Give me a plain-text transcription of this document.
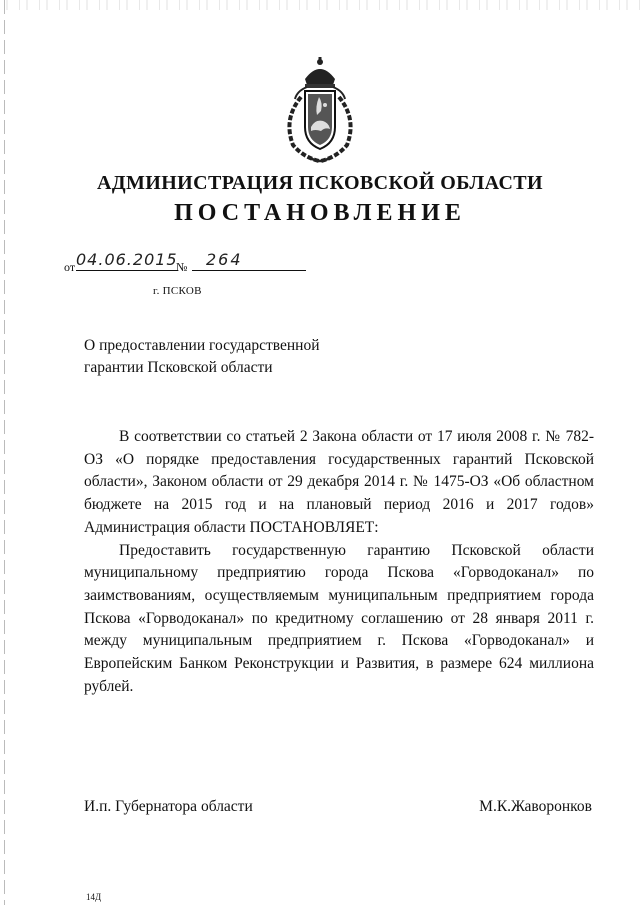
АДМИНИСТРАЦИЯ ПСКОВСКОЙ ОБЛАСТИ
ПОСТАНОВЛЕНИЕ
от 04.06.2015
№	264
г. ПСКОВ
О предоставлении государственной
гарантии Псковской области

В соответствии со статьей 2 Закона области от 17 июля 2008 г. № 782-ОЗ «О порядке предоставления государственных гарантий Псковской области», Законом области от 29 декабря 2014 г. № 1475-ОЗ «Об областном бюджете на 2015 год и на плановый период 2016 и 2017 годов» Администрация области ПОСТАНОВЛЯЕТ:

Предоставить государственную гарантию Псковской области муниципальному предприятию города Пскова «Горводоканал» по заимствованиям, осуществляемым муниципальным предприятием города Пскова «Горводоканал» по кредитному соглашению от 28 января 2011 г. между муниципальным предприятием г. Пскова «Горводоканал» и Европейским Банком Реконструкции и Развития, в размере 624 миллиона рублей.

И.п. Губернатора области	М.К.Жаворонков
14Д
